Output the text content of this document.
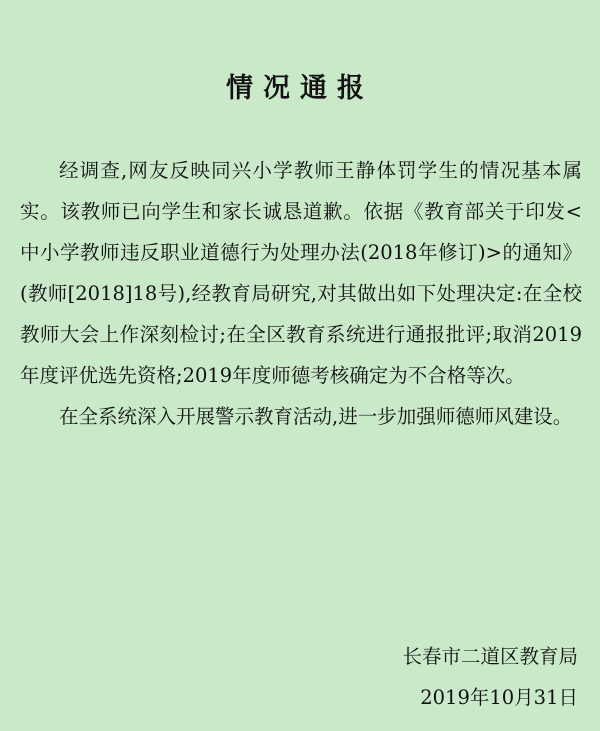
情况通报

经调查,网友反映同兴小学教师王静体罚学生的情况基本属实。该教师已向学生和家长诚恳道歉。依据《教育部关于印发<中小学教师违反职业道德行为处理办法(2018年修订)>的通知》(教师[2018]18号),经教育局研究,对其做出如下处理决定:在全校教师大会上作深刻检讨;在全区教育系统进行通报批评;取消2019年度评优选先资格;2019年度师德考核确定为不合格等次。

在全系统深入开展警示教育活动,进一步加强师德师风建设。

长春市二道区教育局
2019年10月31日
